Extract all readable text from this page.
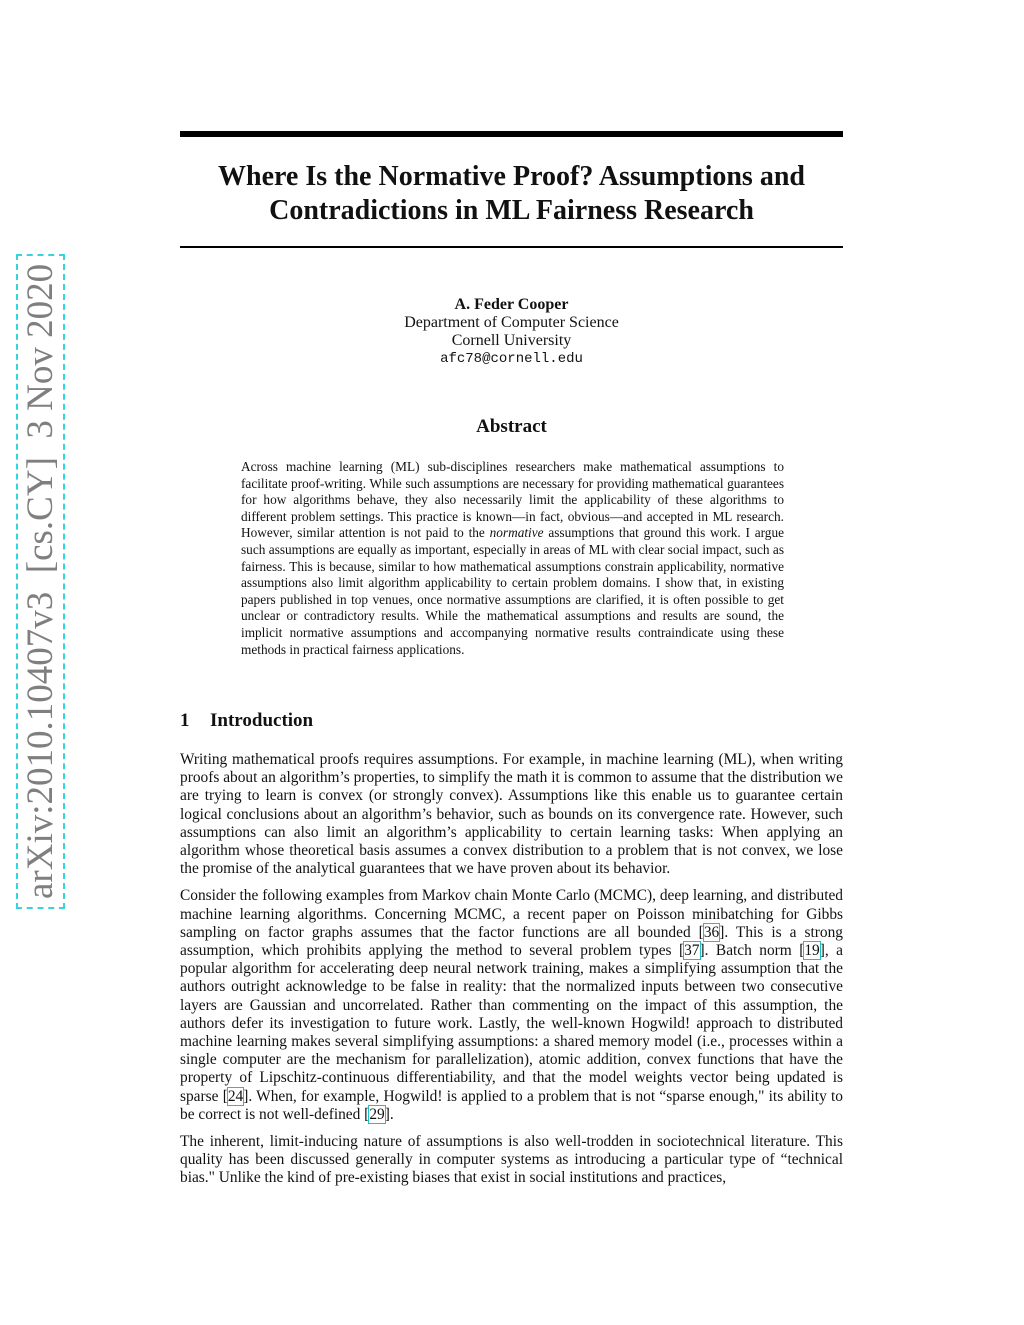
arXiv:2010.10407v3  [cs.CY]  3 Nov 2020
Where Is the Normative Proof? Assumptions and Contradictions in ML Fairness Research
A. Feder Cooper
Department of Computer Science
Cornell University
afc78@cornell.edu
Abstract

Across machine learning (ML) sub-disciplines researchers make mathematical assumptions to facilitate proof-writing. While such assumptions are necessary for providing mathematical guarantees for how algorithms behave, they also necessarily limit the applicability of these algorithms to different problem settings. This practice is known—in fact, obvious—and accepted in ML research. However, similar attention is not paid to the normative assumptions that ground this work. I argue such assumptions are equally as important, especially in areas of ML with clear social impact, such as fairness. This is because, similar to how mathematical assumptions constrain applicability, normative assumptions also limit algorithm applicability to certain problem domains. I show that, in existing papers published in top venues, once normative assumptions are clarified, it is often possible to get unclear or contradictory results. While the mathematical assumptions and results are sound, the implicit normative assumptions and accompanying normative results contraindicate using these methods in practical fairness applications.

1 Introduction

Writing mathematical proofs requires assumptions. For example, in machine learning (ML), when writing proofs about an algorithm’s properties, to simplify the math it is common to assume that the distribution we are trying to learn is convex (or strongly convex). Assumptions like this enable us to guarantee certain logical conclusions about an algorithm’s behavior, such as bounds on its convergence rate. However, such assumptions can also limit an algorithm’s applicability to certain learning tasks: When applying an algorithm whose theoretical basis assumes a convex distribution to a problem that is not convex, we lose the promise of the analytical guarantees that we have proven about its behavior.

Consider the following examples from Markov chain Monte Carlo (MCMC), deep learning, and distributed machine learning algorithms. Concerning MCMC, a recent paper on Poisson minibatching for Gibbs sampling on factor graphs assumes that the factor functions are all bounded [36]. This is a strong assumption, which prohibits applying the method to several problem types [37]. Batch norm [19], a popular algorithm for accelerating deep neural network training, makes a simplifying assumption that the authors outright acknowledge to be false in reality: that the normalized inputs between two consecutive layers are Gaussian and uncorrelated. Rather than commenting on the impact of this assumption, the authors defer its investigation to future work. Lastly, the well-known Hogwild! approach to distributed machine learning makes several simplifying assumptions: a shared memory model (i.e., processes within a single computer are the mechanism for parallelization), atomic addition, convex functions that have the property of Lipschitz-continuous differentiability, and that the model weights vector being updated is sparse [24]. When, for example, Hogwild! is applied to a problem that is not “sparse enough," its ability to be correct is not well-defined [29].

The inherent, limit-inducing nature of assumptions is also well-trodden in sociotechnical literature. This quality has been discussed generally in computer systems as introducing a particular type of “technical bias." Unlike the kind of pre-existing biases that exist in social institutions and practices,
